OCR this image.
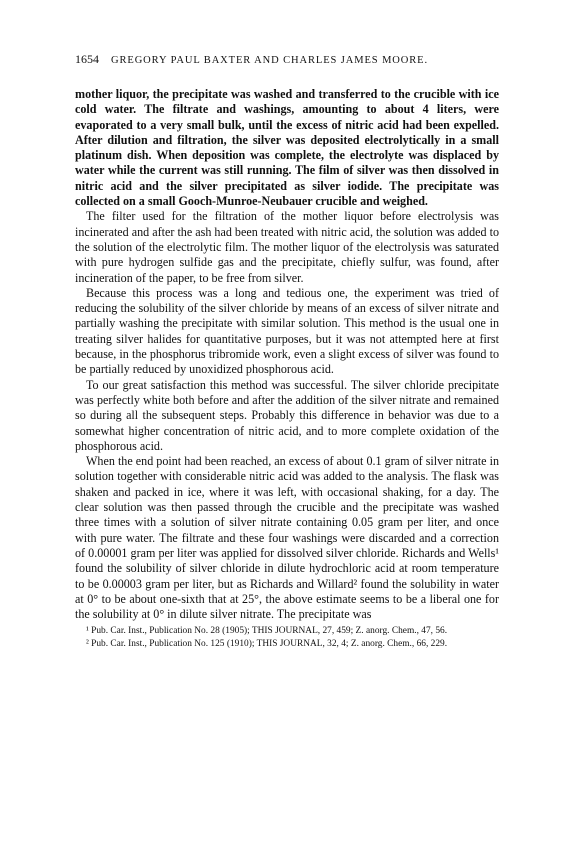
1654 GREGORY PAUL BAXTER AND CHARLES JAMES MOORE.

mother liquor, the precipitate was washed and transferred to the crucible with ice cold water. The filtrate and washings, amounting to about 4 liters, were evaporated to a very small bulk, until the excess of nitric acid had been expelled. After dilution and filtration, the silver was deposited electrolytically in a small platinum dish. When deposition was complete, the electrolyte was displaced by water while the current was still running. The film of silver was then dissolved in nitric acid and the silver precipitated as silver iodide. The precipitate was collected on a small Gooch-Munroe-Neubauer crucible and weighed.

The filter used for the filtration of the mother liquor before electrolysis was incinerated and after the ash had been treated with nitric acid, the solution was added to the solution of the electrolytic film. The mother liquor of the electrolysis was saturated with pure hydrogen sulfide gas and the precipitate, chiefly sulfur, was found, after incineration of the paper, to be free from silver.

Because this process was a long and tedious one, the experiment was tried of reducing the solubility of the silver chloride by means of an excess of silver nitrate and partially washing the precipitate with similar solution. This method is the usual one in treating silver halides for quantitative purposes, but it was not attempted here at first because, in the phosphorus tribromide work, even a slight excess of silver was found to be partially reduced by unoxidized phosphorous acid.

To our great satisfaction this method was successful. The silver chloride precipitate was perfectly white both before and after the addition of the silver nitrate and remained so during all the subsequent steps. Probably this difference in behavior was due to a somewhat higher concentration of nitric acid, and to more complete oxidation of the phosphorous acid.

When the end point had been reached, an excess of about 0.1 gram of silver nitrate in solution together with considerable nitric acid was added to the analysis. The flask was shaken and packed in ice, where it was left, with occasional shaking, for a day. The clear solution was then passed through the crucible and the precipitate was washed three times with a solution of silver nitrate containing 0.05 gram per liter, and once with pure water. The filtrate and these four washings were discarded and a correction of 0.00001 gram per liter was applied for dissolved silver chloride. Richards and Wells¹ found the solubility of silver chloride in dilute hydrochloric acid at room temperature to be 0.00003 gram per liter, but as Richards and Willard² found the solubility in water at 0° to be about one-sixth that at 25°, the above estimate seems to be a liberal one for the solubility at 0° in dilute silver nitrate. The precipitate was

¹ Pub. Car. Inst., Publication No. 28 (1905); THIS JOURNAL, 27, 459; Z. anorg. Chem., 47, 56.

² Pub. Car. Inst., Publication No. 125 (1910); THIS JOURNAL, 32, 4; Z. anorg. Chem., 66, 229.
